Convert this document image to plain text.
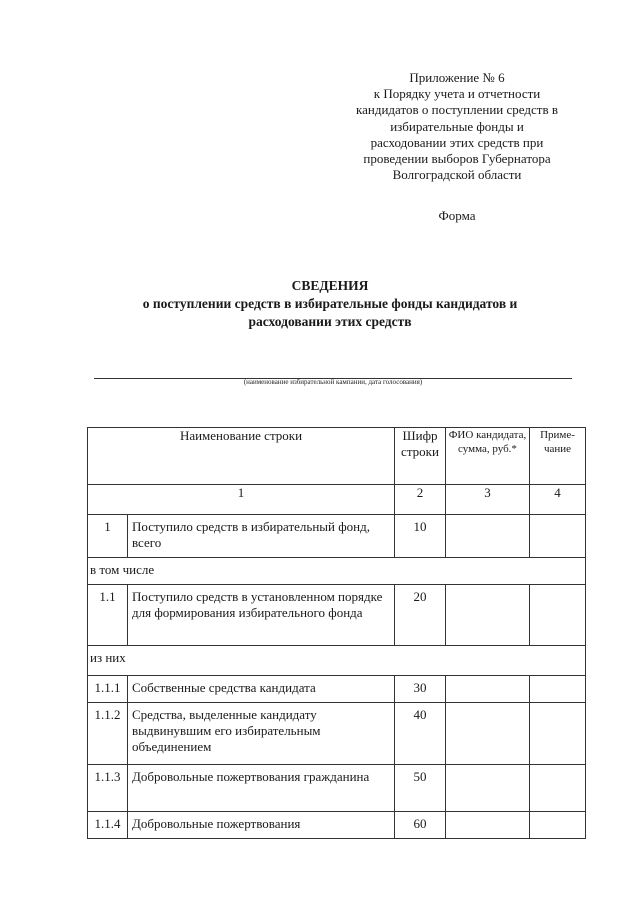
Приложение № 6
к Порядку учета и отчетности
кандидатов о поступлении средств в
избирательные фонды и
расходовании этих средств при
проведении выборов Губернатора
Волгоградской области
Форма
СВЕДЕНИЯ
о поступлении средств в избирательные фонды кандидатов и
расходовании этих средств
(наименование избирательной кампании, дата голосования)
Наименование строки		Шифр строки	ФИО кандидата, сумма, руб.*	Приме-чание
1		2	3	4
1	Поступило средств в избирательный фонд, всего	10		
в том числе				
1.1	Поступило средств в установленном порядке для формирования избирательного фонда	20		
из них				
1.1.1	Собственные средства кандидата	30		
1.1.2	Средства, выделенные кандидату выдвинувшим его избирательным объединением	40		
1.1.3	Добровольные пожертвования гражданина	50		
1.1.4	Добровольные пожертвования	60		
